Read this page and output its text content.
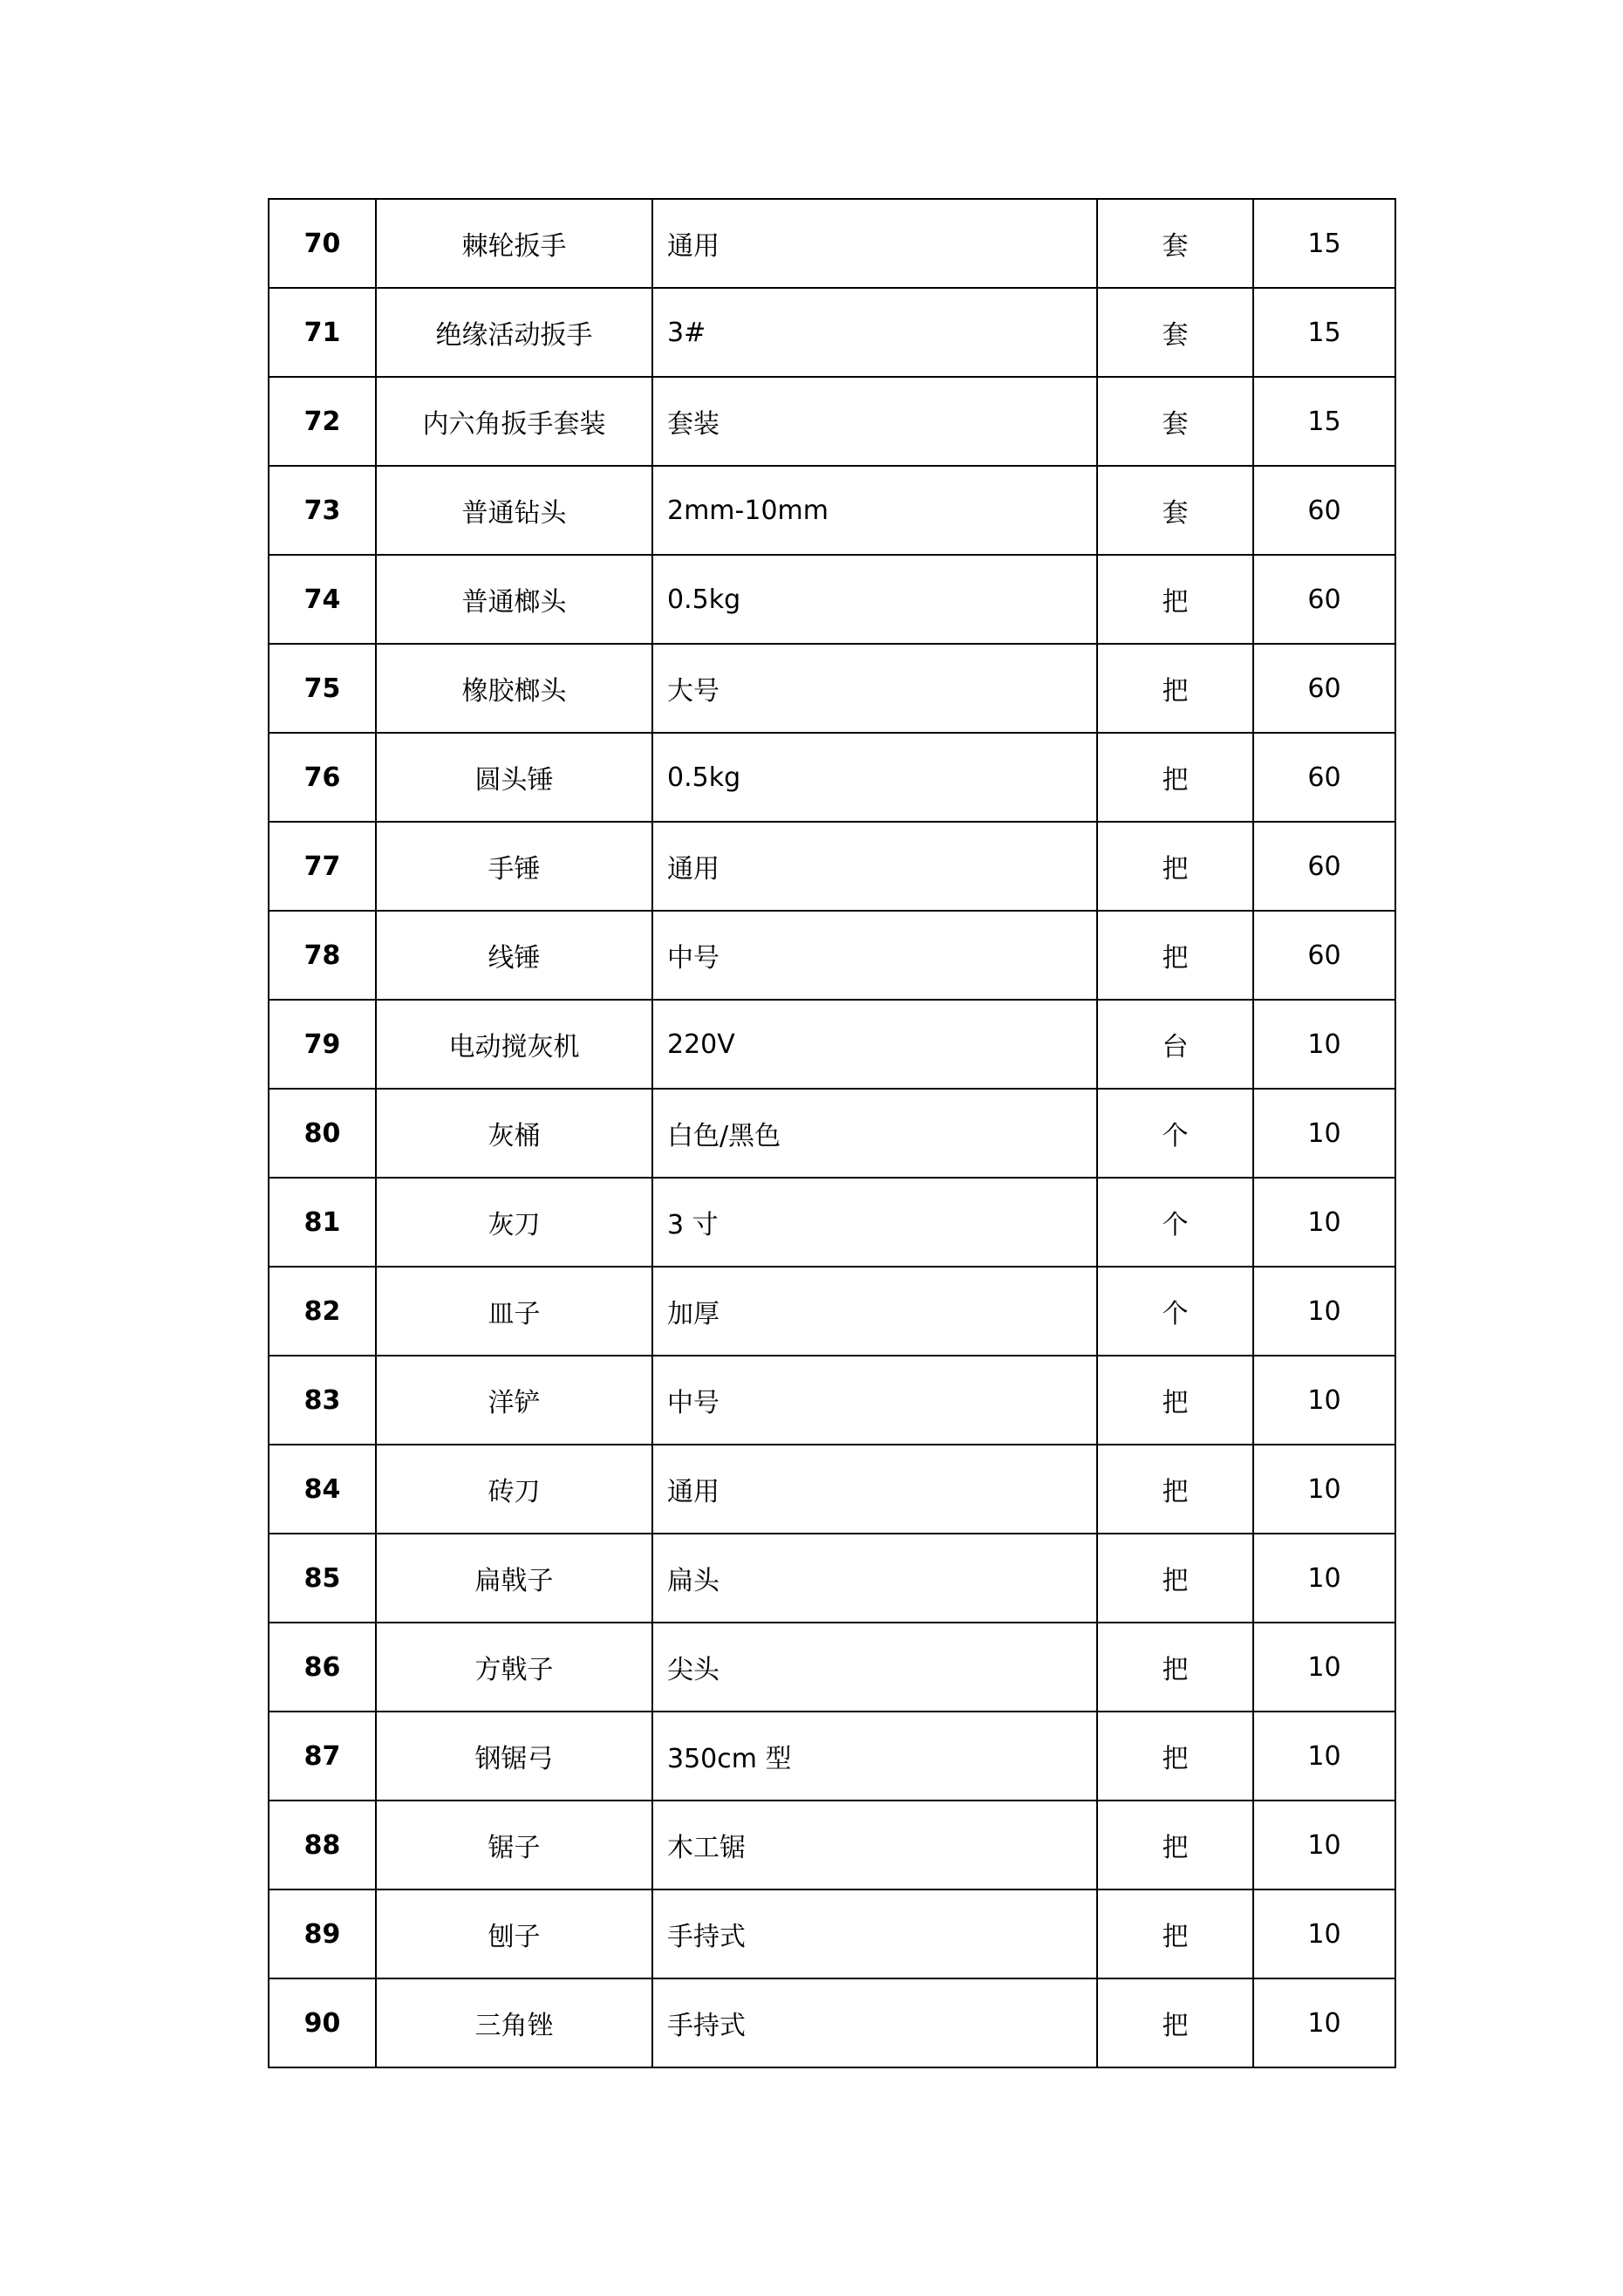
70	棘轮扳手	通用	套	15
71	绝缘活动扳手	3#	套	15
72	内六角扳手套装	套装	套	15
73	普通钻头	2mm-10mm	套	60
74	普通榔头	0.5kg	把	60
75	橡胶榔头	大号	把	60
76	圆头锤	0.5kg	把	60
77	手锤	通用	把	60
78	线锤	中号	把	60
79	电动搅灰机	220V	台	10
80	灰桶	白色/黑色	个	10
81	灰刀	3 寸	个	10
82	皿子	加厚	个	10
83	洋铲	中号	把	10
84	砖刀	通用	把	10
85	扁戟子	扁头	把	10
86	方戟子	尖头	把	10
87	钢锯弓	350cm 型	把	10
88	锯子	木工锯	把	10
89	刨子	手持式	把	10
90	三角锉	手持式	把	10
